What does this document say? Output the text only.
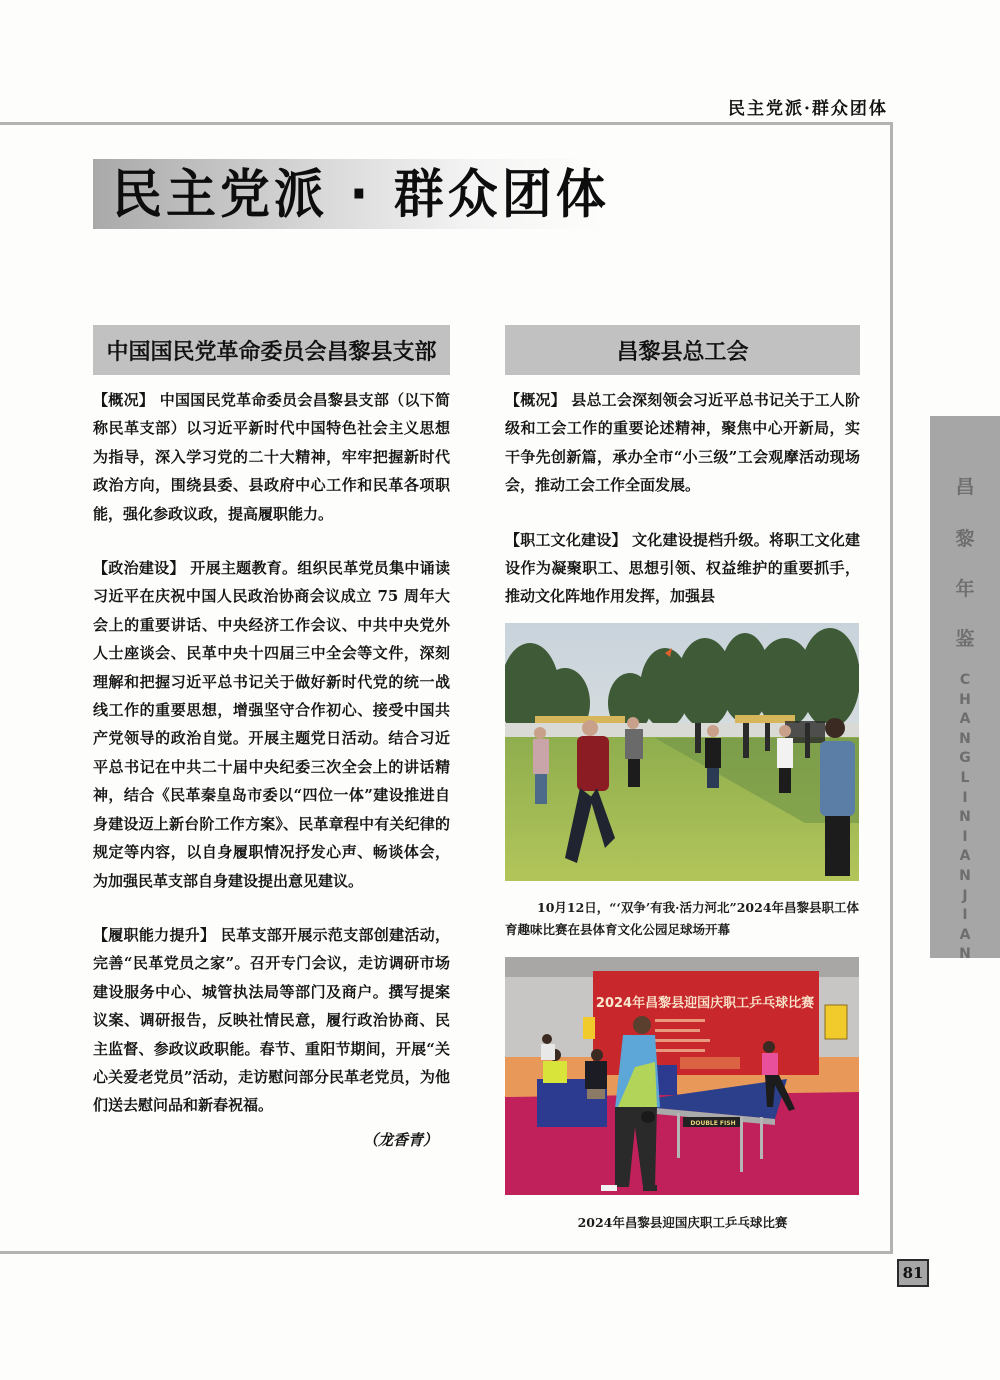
民主党派·群众团体
民主党派 · 群众团体
中国国民党革命委员会昌黎县支部

【概况】 中国国民党革命委员会昌黎县支部（以下简称民革支部）以习近平新时代中国特色社会主义思想为指导，深入学习党的二十大精神，牢牢把握新时代政治方向，围绕县委、县政府中心工作和民革各项职能，强化参政议政，提高履职能力。

【政治建设】 开展主题教育。组织民革党员集中诵读习近平在庆祝中国人民政治协商会议成立 75 周年大会上的重要讲话、中央经济工作会议、中共中央党外人士座谈会、民革中央十四届三中全会等文件，深刻理解和把握习近平总书记关于做好新时代党的统一战线工作的重要思想，增强坚守合作初心、接受中国共产党领导的政治自觉。开展主题党日活动。结合习近平总书记在中共二十届中央纪委三次全会上的讲话精神，结合《民革秦皇岛市委以“四位一体”建设推进自身建设迈上新台阶工作方案》、民革章程中有关纪律的规定等内容，以自身履职情况抒发心声、畅谈体会，为加强民革支部自身建设提出意见建议。

【履职能力提升】 民革支部开展示范支部创建活动，完善“民革党员之家”。召开专门会议，走访调研市场建设服务中心、城管执法局等部门及商户。撰写提案议案、调研报告，反映社情民意，履行政治协商、民主监督、参政议政职能。春节、重阳节期间，开展“关心关爱老党员”活动，走访慰问部分民革老党员，为他们送去慰问品和新春祝福。

（龙香青）
昌黎县总工会

【概况】 县总工会深刻领会习近平总书记关于工人阶级和工会工作的重要论述精神，聚焦中心开新局，实干争先创新篇，承办全市“小三级”工会观摩活动现场会，推动工会工作全面发展。

【职工文化建设】 文化建设提档升级。将职工文化建设作为凝聚职工、思想引领、权益维护的重要抓手，推动文化阵地作用发挥，加强县

10月12日，“‘双争’有我·活力河北”2024年昌黎县职工体育趣味比赛在县体育文化公园足球场开幕
2024年昌黎县迎国庆职工乒乓球比赛
DOUBLE FISH
2024年昌黎县迎国庆职工乒乓球比赛
昌
黎
年
鉴
C
H
A
N
G
L
I
N
I
A
N
J
I
A
N
81
